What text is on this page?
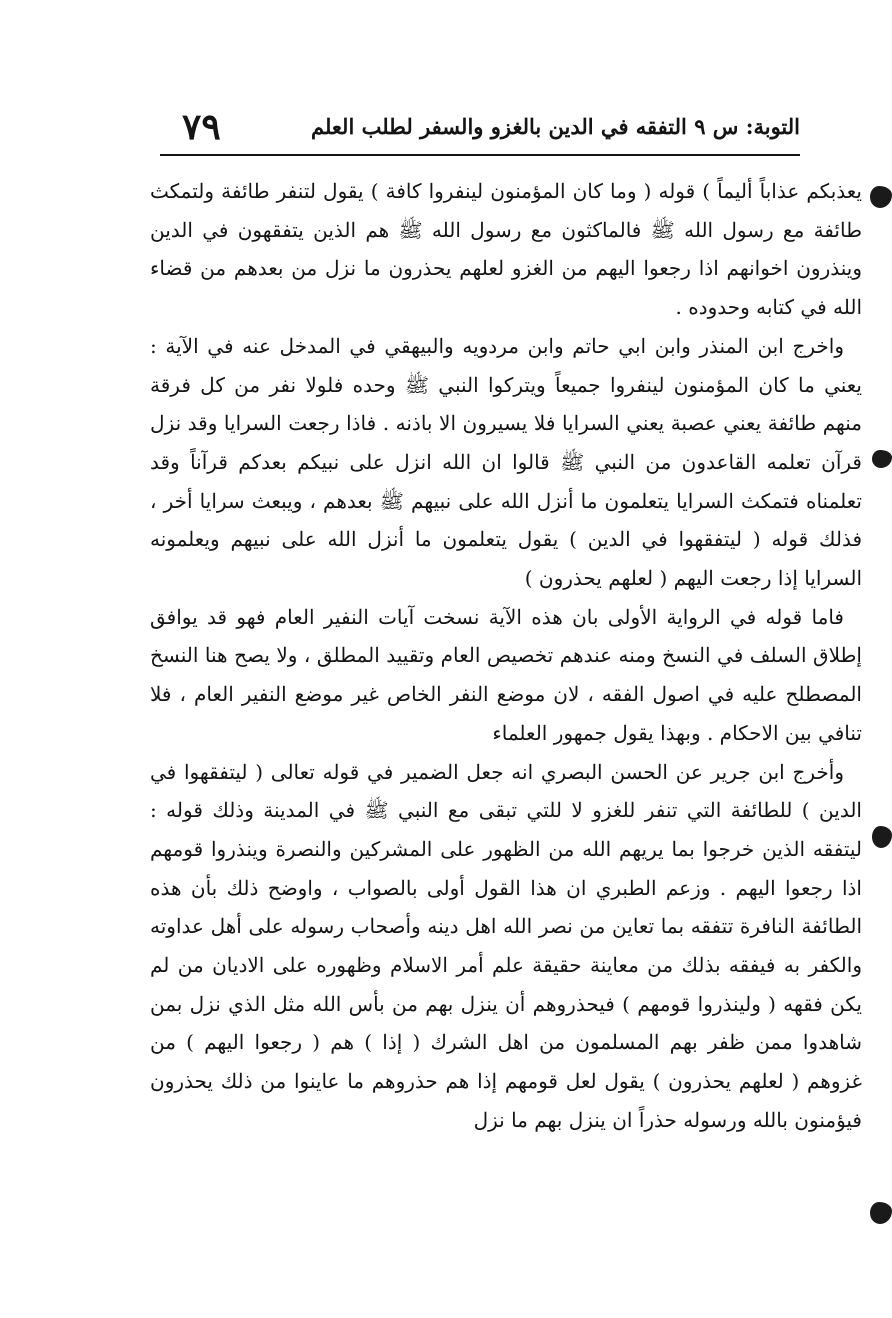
التوبة: س ٩ التفقه في الدين بالغزو والسفر لطلب العلم
٧٩

يعذبكم عذاباً أليماً ) قوله ( وما كان المؤمنون لينفروا كافة ) يقول لتنفر طائفة ولتمكث طائفة مع رسول الله ﷺ فالماكثون مع رسول الله ﷺ هم الذين يتفقهون في الدين وينذرون اخوانهم اذا رجعوا اليهم من الغزو لعلهم يحذرون ما نزل من بعدهم من قضاء الله في كتابه وحدوده .

واخرج ابن المنذر وابن ابي حاتم وابن مردويه والبيهقي في المدخل عنه في الآية : يعني ما كان المؤمنون لينفروا جميعاً ويتركوا النبي ﷺ وحده فلولا نفر من كل فرقة منهم طائفة يعني عصبة يعني السرايا فلا يسيرون الا باذنه . فاذا رجعت السرايا وقد نزل قرآن تعلمه القاعدون من النبي ﷺ قالوا ان الله انزل على نبيكم بعدكم قرآناً وقد تعلمناه فتمكث السرايا يتعلمون ما أنزل الله على نبيهم ﷺ بعدهم ، ويبعث سرايا أخر ، فذلك قوله ( ليتفقهوا في الدين ) يقول يتعلمون ما أنزل الله على نبيهم ويعلمونه السرايا إذا رجعت اليهم ( لعلهم يحذرون )

فاما قوله في الرواية الأولى بان هذه الآية نسخت آيات النفير العام فهو قد يوافق إطلاق السلف في النسخ ومنه عندهم تخصيص العام وتقييد المطلق ، ولا يصح هنا النسخ المصطلح عليه في اصول الفقه ، لان موضع النفر الخاص غير موضع النفير العام ، فلا تنافي بين الاحكام . وبهذا يقول جمهور العلماء

وأخرج ابن جرير عن الحسن البصري انه جعل الضمير في قوله تعالى ( ليتفقهوا في الدين ) للطائفة التي تنفر للغزو لا للتي تبقى مع النبي ﷺ في المدينة وذلك قوله : ليتفقه الذين خرجوا بما يريهم الله من الظهور على المشركين والنصرة وينذروا قومهم اذا رجعوا اليهم . وزعم الطبري ان هذا القول أولى بالصواب ، واوضح ذلك بأن هذه الطائفة النافرة تتفقه بما تعاين من نصر الله اهل دينه وأصحاب رسوله على أهل عداوته والكفر به فيفقه بذلك من معاينة حقيقة علم أمر الاسلام وظهوره على الاديان من لم يكن فقهه ( ولينذروا قومهم ) فيحذروهم أن ينزل بهم من بأس الله مثل الذي نزل بمن شاهدوا ممن ظفر بهم المسلمون من اهل الشرك ( إذا ) هم ( رجعوا اليهم ) من غزوهم ( لعلهم يحذرون ) يقول لعل قومهم إذا هم حذروهم ما عاينوا من ذلك يحذرون فيؤمنون بالله ورسوله حذراً ان ينزل بهم ما نزل
